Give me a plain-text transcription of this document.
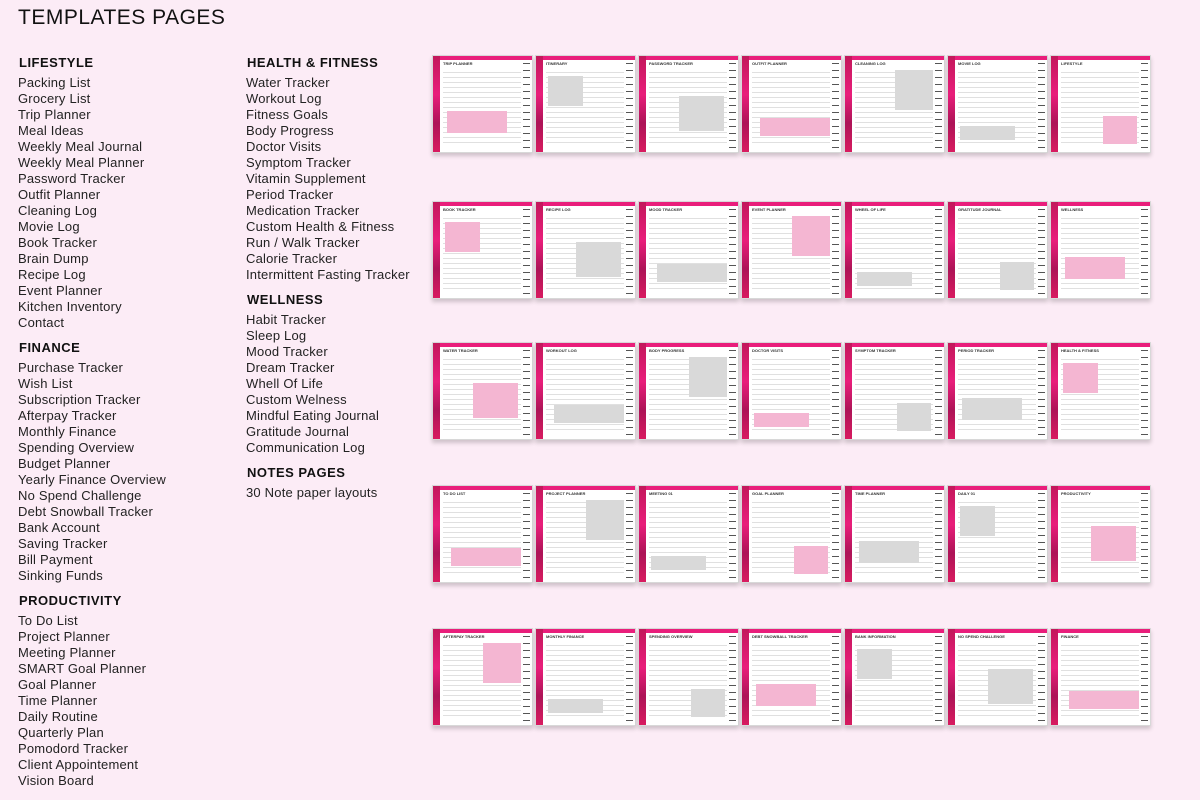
TEMPLATES PAGES
LIFESTYLE
Packing List
Grocery List
Trip Planner
Meal Ideas
Weekly Meal Journal
Weekly Meal Planner
Password Tracker
Outfit Planner
Cleaning Log
Movie Log
Book Tracker
Brain Dump
Recipe Log
Event Planner
Kitchen Inventory
Contact
FINANCE
Purchase Tracker
Wish List
Subscription Tracker
Afterpay Tracker
Monthly Finance
Spending Overview
Budget Planner
Yearly Finance Overview
No Spend Challenge
Debt Snowball Tracker
Bank Account
Saving Tracker
Bill Payment
Sinking Funds
PRODUCTIVITY
To Do List
Project Planner
Meeting Planner
SMART Goal Planner
Goal Planner
Time Planner
Daily Routine
Quarterly Plan
Pomodord Tracker
Client Appointement
Vision Board
HEALTH & FITNESS
Water Tracker
Workout Log
Fitness Goals
Body Progress
Doctor Visits
Symptom Tracker
Vitamin Supplement
Period Tracker
Medication Tracker
Custom Health & Fitness
Run / Walk Tracker
Calorie Tracker
Intermittent Fasting Tracker
WELLNESS
Habit Tracker
Sleep Log
Mood Tracker
Dream Tracker
Whell Of Life
Custom Welness
Mindful Eating Journal
Gratitude Journal
Communication Log
NOTES PAGES
30 Note paper layouts
TRIP PLANNER	ITINERARY	PASSWORD TRACKER	OUTFIT PLANNER	CLEANING LOG	MOVIE LOG	LIFESTYLE
BOOK TRACKER	RECIPE LOG	MOOD TRACKER	EVENT PLANNER	WHEEL OF LIFE	GRATITUDE JOURNAL	WELLNESS
WATER TRACKER	WORKOUT LOG	BODY PROGRESS	DOCTOR VISITS	SYMPTOM TRACKER	PERIOD TRACKER	HEALTH & FITNESS
TO DO LIST	PROJECT PLANNER	MEETING 01	GOAL PLANNER	TIME PLANNER	DAILY 01	PRODUCTIVITY
AFTERPAY TRACKER	MONTHLY FINANCE	SPENDING OVERVIEW	DEBT SNOWBALL TRACKER	BANK INFORMATION	NO SPEND CHALLENGE	FINANCE
